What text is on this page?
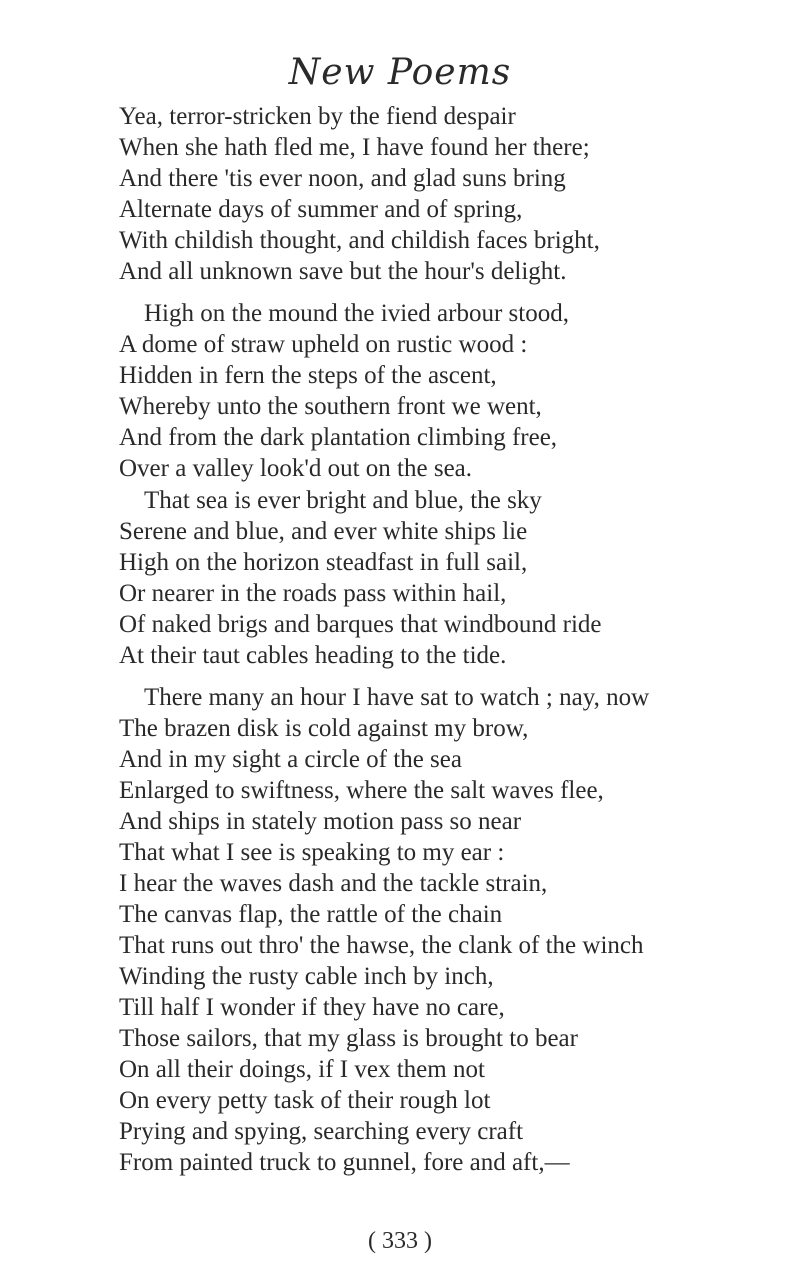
New Poems
Yea, terror-stricken by the fiend despair
When she hath fled me, I have found her there;
And there 'tis ever noon, and glad suns bring
Alternate days of summer and of spring,
With childish thought, and childish faces bright,
And all unknown save but the hour's delight.
High on the mound the ivied arbour stood,
A dome of straw upheld on rustic wood :
Hidden in fern the steps of the ascent,
Whereby unto the southern front we went,
And from the dark plantation climbing free,
Over a valley look'd out on the sea.
That sea is ever bright and blue, the sky
Serene and blue, and ever white ships lie
High on the horizon steadfast in full sail,
Or nearer in the roads pass within hail,
Of naked brigs and barques that windbound ride
At their taut cables heading to the tide.
There many an hour I have sat to watch ; nay, now
The brazen disk is cold against my brow,
And in my sight a circle of the sea
Enlarged to swiftness, where the salt waves flee,
And ships in stately motion pass so near
That what I see is speaking to my ear :
I hear the waves dash and the tackle strain,
The canvas flap, the rattle of the chain
That runs out thro' the hawse, the clank of the winch
Winding the rusty cable inch by inch,
Till half I wonder if they have no care,
Those sailors, that my glass is brought to bear
On all their doings, if I vex them not
On every petty task of their rough lot
Prying and spying, searching every craft
From painted truck to gunnel, fore and aft,—
( 333 )
